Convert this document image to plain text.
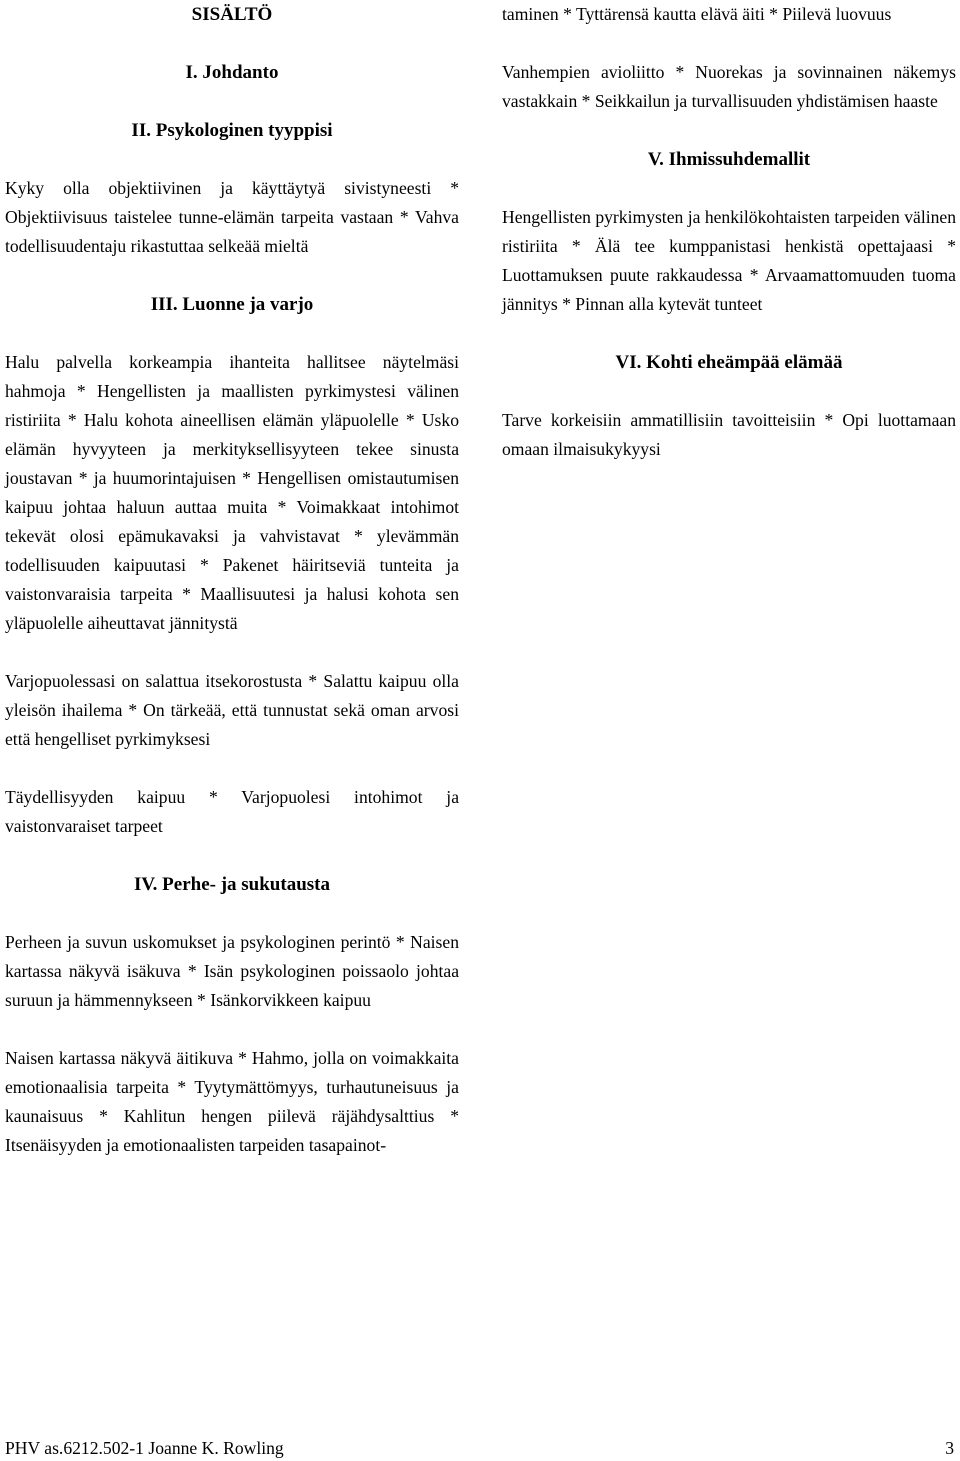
SISÄLTÖ

I. Johdanto

II. Psykologinen tyyppisi

Kyky olla objektiivinen ja käyttäytyä sivistyneesti * Objektiivisuus taistelee tunne-elämän tarpeita vastaan * Vahva todellisuudentaju rikastuttaa selkeää mieltä

III. Luonne ja varjo

Halu palvella korkeampia ihanteita hallitsee näytelmäsi hahmoja * Hengellisten ja maallisten pyrkimystesi välinen ristiriita * Halu kohota aineellisen elämän yläpuolelle * Usko elämän hyvyyteen ja merkityksellisyyteen tekee sinusta joustavan * ja huumorintajuisen * Hengellisen omistautumisen kaipuu johtaa haluun auttaa muita * Voimakkaat intohimot tekevät olosi epämukavaksi ja vahvistavat * ylevämmän todellisuuden kaipuutasi * Pakenet häiritseviä tunteita ja vaistonvaraisia tarpeita * Maallisuutesi ja halusi kohota sen yläpuolelle aiheuttavat jännitystä

Varjopuolessasi on salattua itsekorostusta * Salattu kaipuu olla yleisön ihailema * On tärkeää, että tunnustat sekä oman arvosi että hengelliset pyrkimyksesi

Täydellisyyden kaipuu * Varjopuolesi intohimot ja vaistonvaraiset tarpeet

IV. Perhe- ja sukutausta

Perheen ja suvun uskomukset ja psykologinen perintö * Naisen kartassa näkyvä isäkuva * Isän psykologinen poissaolo johtaa suruun ja hämmennykseen * Isänkorvikkeen kaipuu

Naisen kartassa näkyvä äitikuva * Hahmo, jolla on voimakkaita emotionaalisia tarpeita * Tyytymättömyys, turhautuneisuus ja kaunaisuus * Kahlitun hengen piilevä räjähdysalttius * Itsenäisyyden ja emotionaalisten tarpeiden tasapainot-

taminen * Tyttärensä kautta elävä äiti * Piilevä luovuus

Vanhempien avioliitto * Nuorekas ja sovinnainen näkemys vastakkain * Seikkailun ja turvallisuuden yhdistämisen haaste

V. Ihmissuhdemallit

Hengellisten pyrkimysten ja henkilökohtaisten tarpeiden välinen ristiriita * Älä tee kumppanistasi henkistä opettajaasi * Luottamuksen puute rakkaudessa * Arvaamattomuuden tuoma jännitys * Pinnan alla kytevät tunteet

VI. Kohti eheämpää elämää

Tarve korkeisiin ammatillisiin tavoitteisiin * Opi luottamaan omaan ilmaisukykyysi

PHV as.6212.502-1 Joanne K. Rowling	3
